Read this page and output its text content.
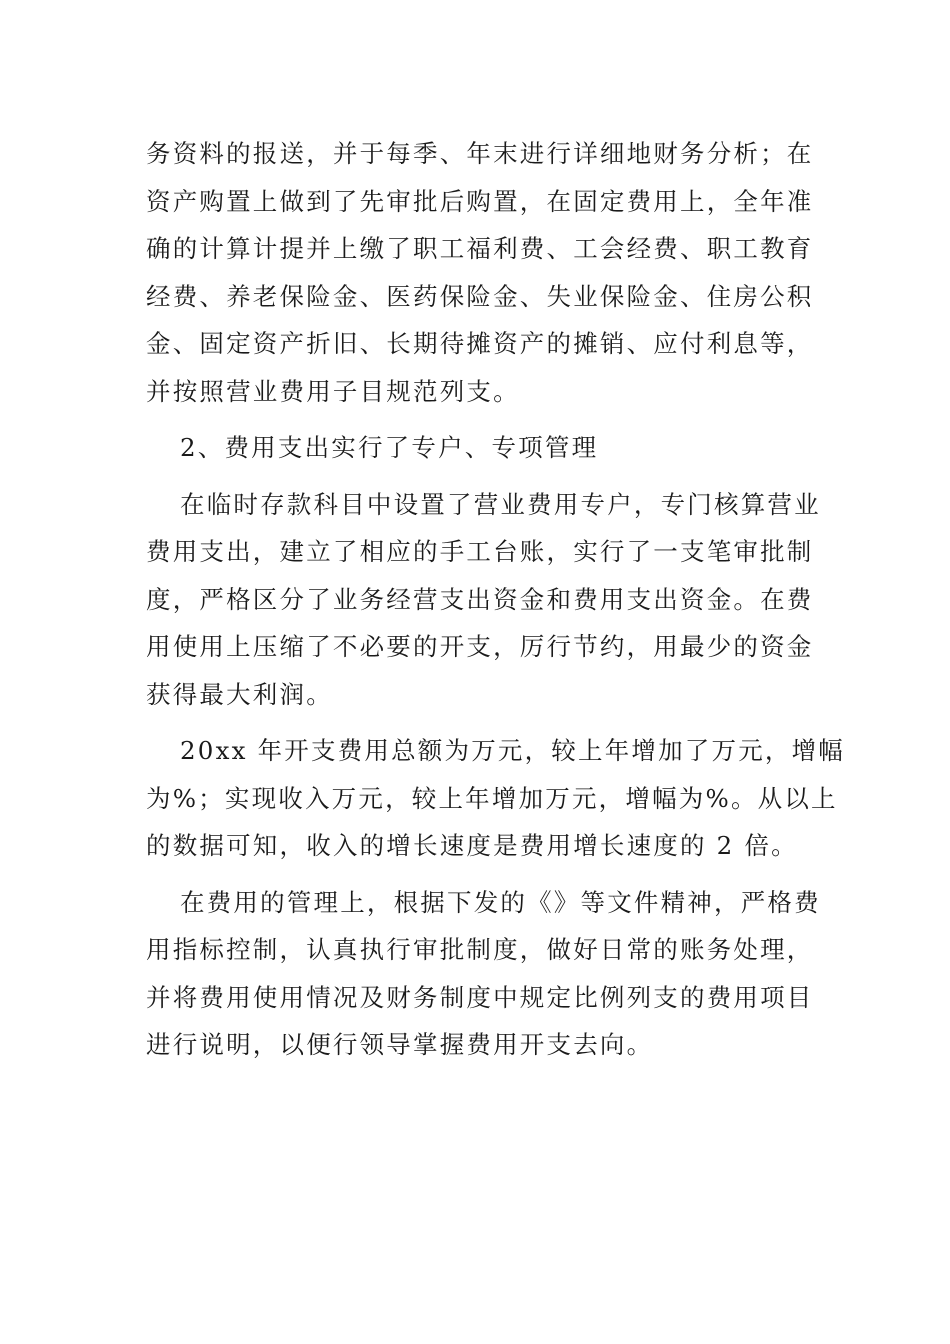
务资料的报送，并于每季、年末进行详细地财务分析；在
资产购置上做到了先审批后购置，在固定费用上，全年准
确的计算计提并上缴了职工福利费、工会经费、职工教育
经费、养老保险金、医药保险金、失业保险金、住房公积
金、固定资产折旧、长期待摊资产的摊销、应付利息等，
并按照营业费用子目规范列支。
2、费用支出实行了专户、专项管理
在临时存款科目中设置了营业费用专户，专门核算营业
费用支出，建立了相应的手工台账，实行了一支笔审批制
度，严格区分了业务经营支出资金和费用支出资金。在费
用使用上压缩了不必要的开支，厉行节约，用最少的资金
获得最大利润。
20xx 年开支费用总额为万元，较上年增加了万元，增幅
为%；实现收入万元，较上年增加万元，增幅为%。从以上
的数据可知，收入的增长速度是费用增长速度的 2 倍。
在费用的管理上，根据下发的《》等文件精神，严格费
用指标控制，认真执行审批制度，做好日常的账务处理，
并将费用使用情况及财务制度中规定比例列支的费用项目
进行说明，以便行领导掌握费用开支去向。
